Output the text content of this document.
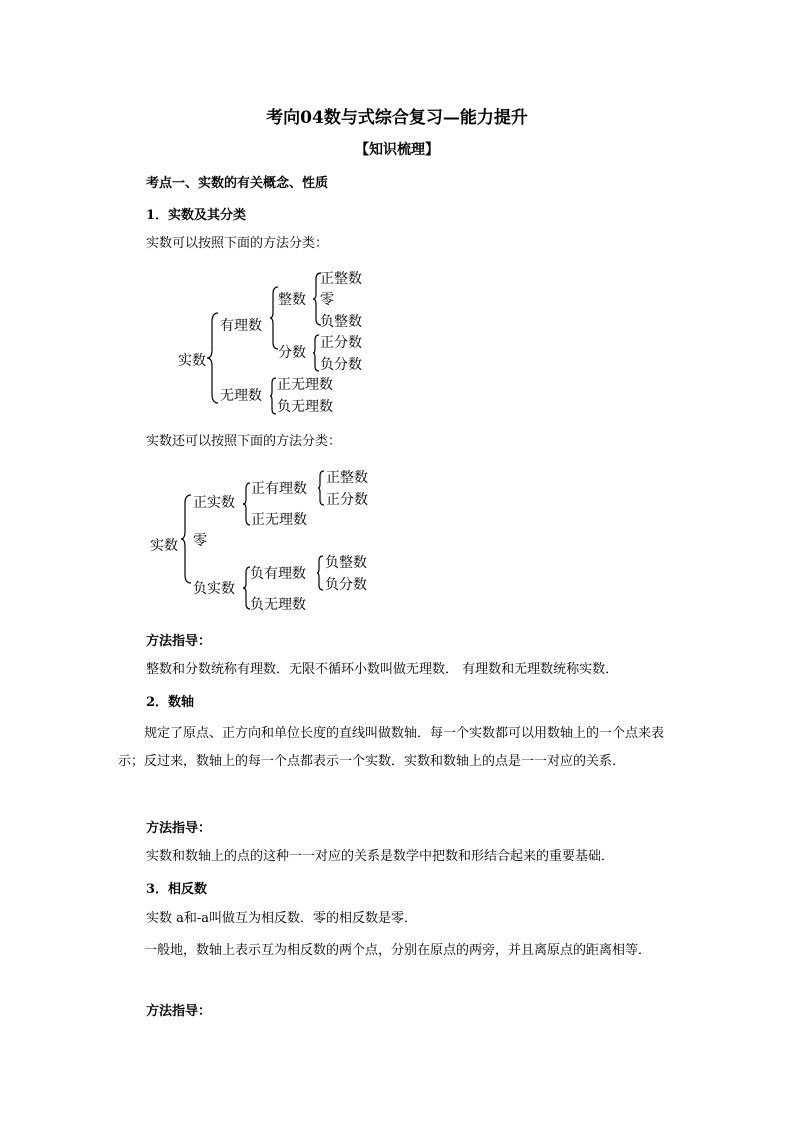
考向04数与式综合复习—能力提升
【知识梳理】
考点一、实数的有关概念、性质
1．实数及其分类
实数可以按照下面的方法分类：
实数
有理数
整数
正整数
零
负整数
分数
正分数
负分数
无理数
正无理数
负无理数
实数还可以按照下面的方法分类：
实数
正实数
正有理数
正整数
正分数
正无理数
零
负实数
负有理数
负整数
负分数
负无理数
方法指导：
整数和分数统称有理数．无限不循环小数叫做无理数． 有理数和无理数统称实数．
2．数轴
规定了原点、正方向和单位长度的直线叫做数轴．每一个实数都可以用数轴上的一个点来表示；反过来，数轴上的每一个点都表示一个实数．实数和数轴上的点是一一对应的关系．
方法指导：
实数和数轴上的点的这种一一对应的关系是数学中把数和形结合起来的重要基础．
3．相反数
实数 a和-a叫做互为相反数．零的相反数是零．
一般地，数轴上表示互为相反数的两个点，分别在原点的两旁，并且离原点的距离相等．
方法指导：
